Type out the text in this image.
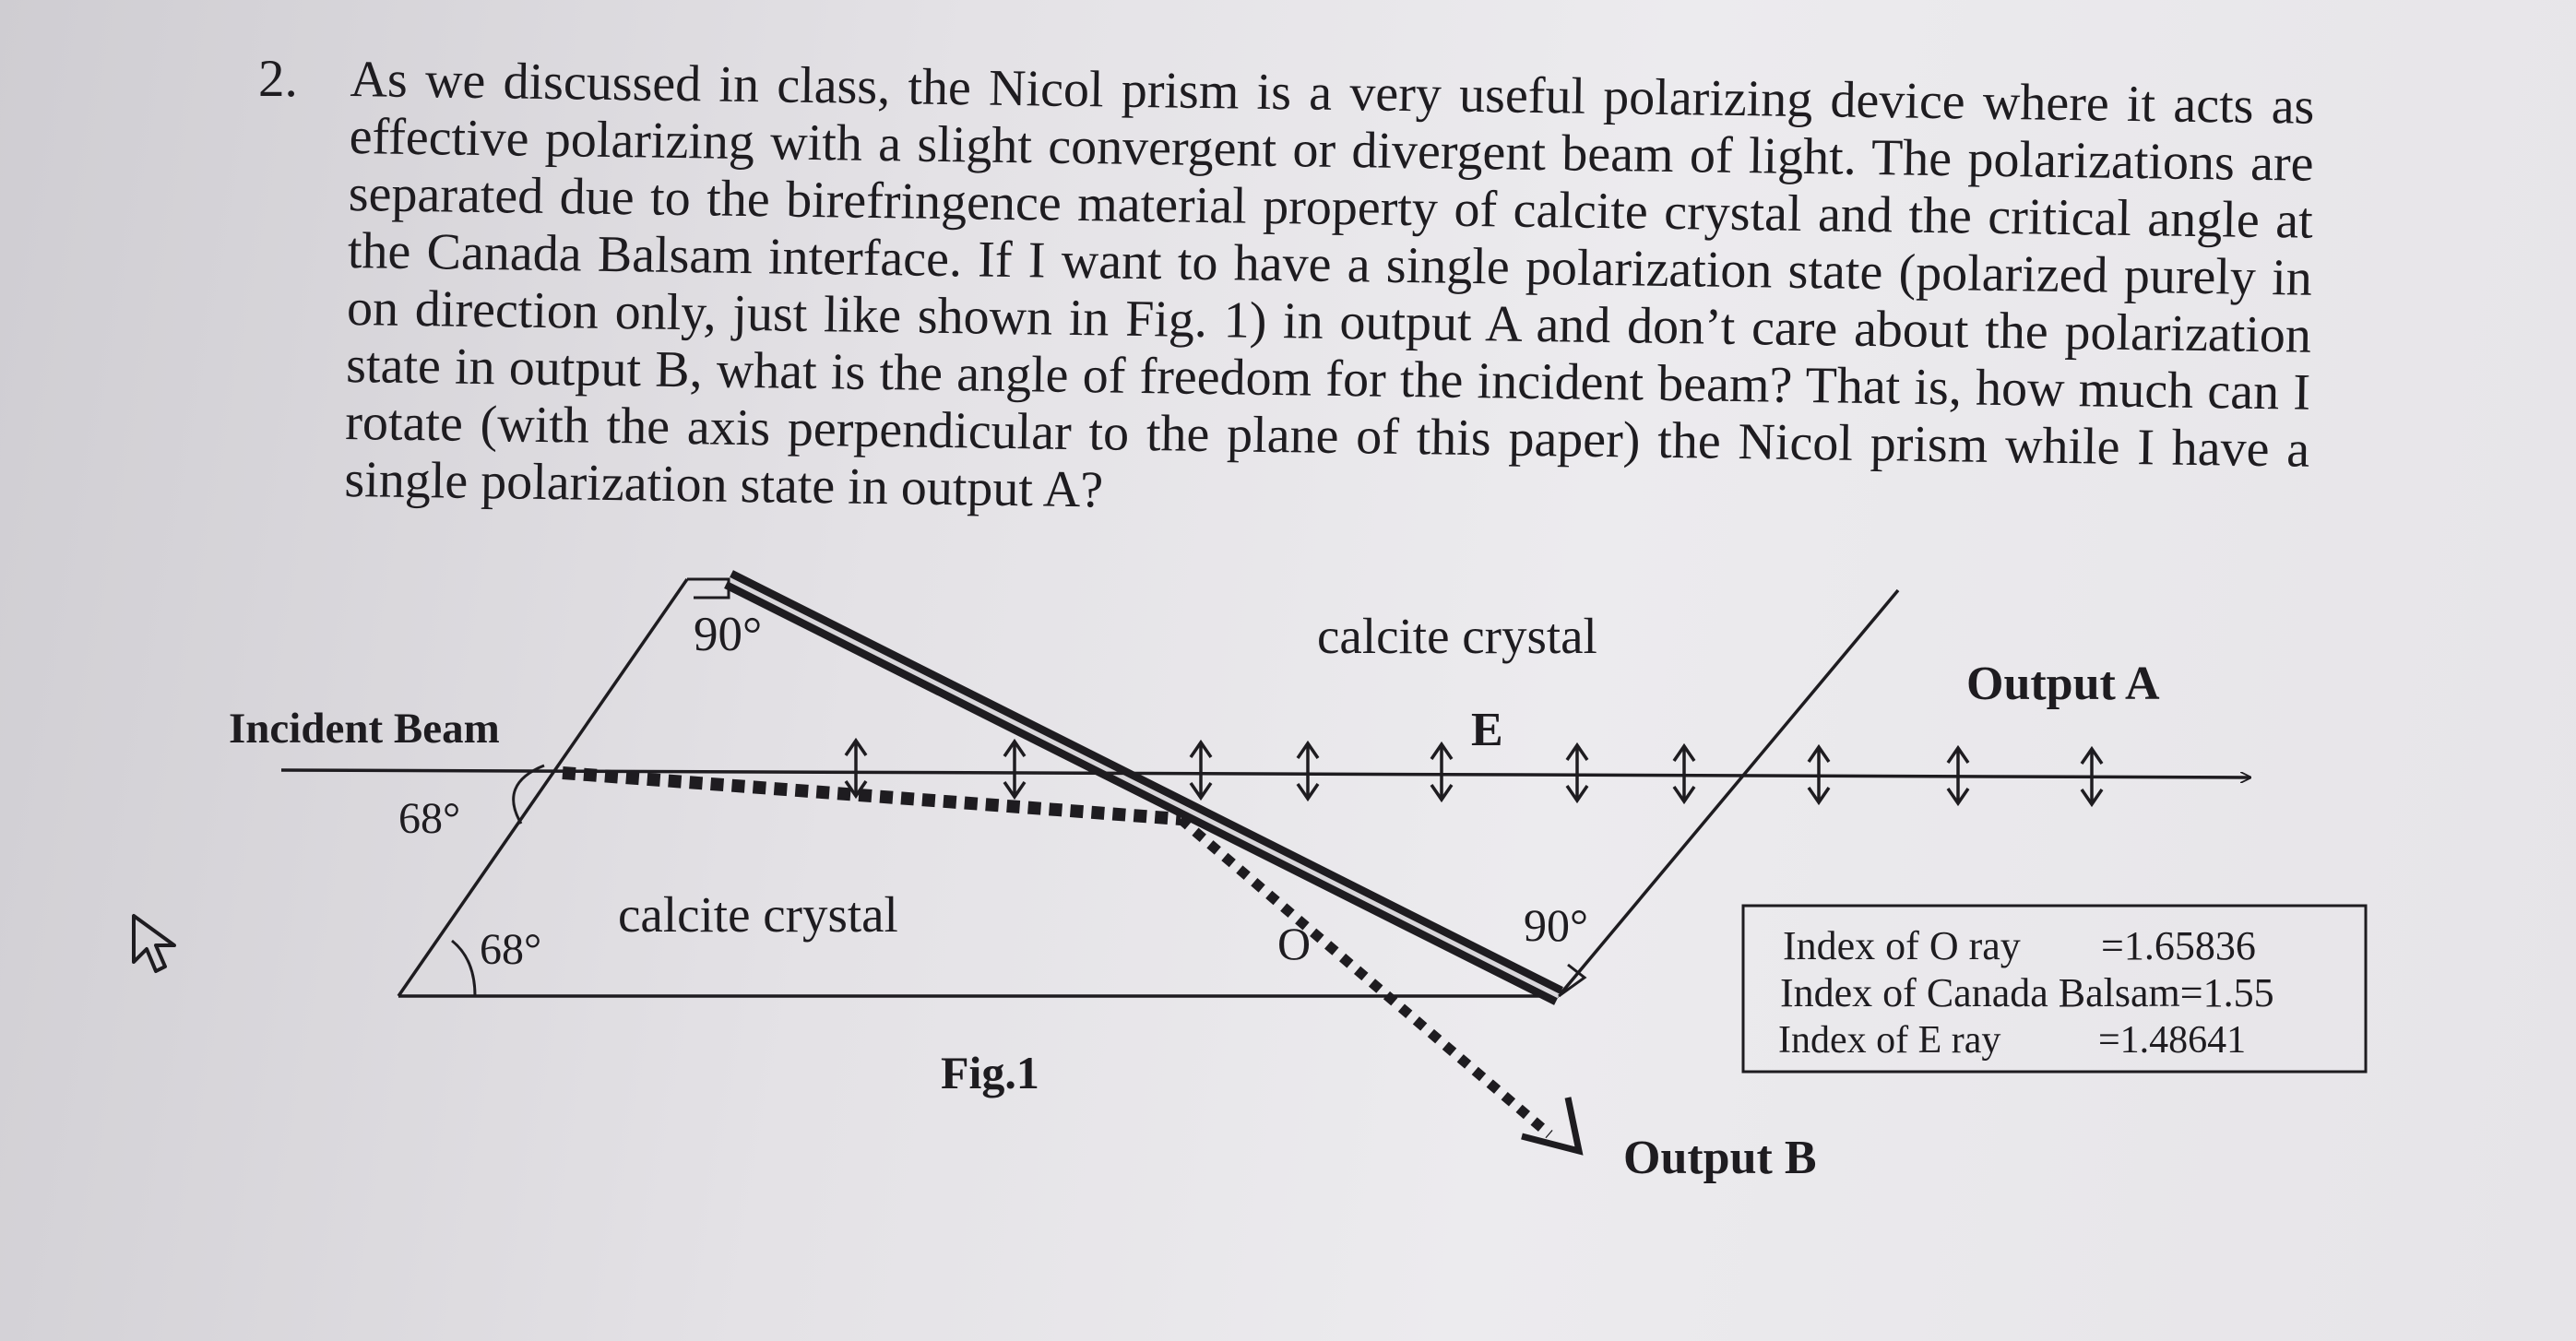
2. As we discussed in class, the Nicol prism is a very useful polarizing device where it acts as effective polarizing with a slight convergent or divergent beam of light. The polarizations are separated due to the birefringence material property of calcite crystal and the critical angle at the Canada Balsam interface. If I want to have a single polarization state (polarized purely in on direction only, just like shown in Fig. 1) in output A and don’t care about the polarization state in output B, what is the angle of freedom for the incident beam? That is, how much can I rotate (with the axis perpendicular to the plane of this paper) the Nicol prism while I have a single polarization state in output A?
Incident Beam
90°
68°
68°
calcite crystal
calcite crystal
E
O	90°
Output A
Output B
Fig.1
Index of O ray =1.65836
Index of Canada Balsam=1.55
Index of E ray	=1.48641
